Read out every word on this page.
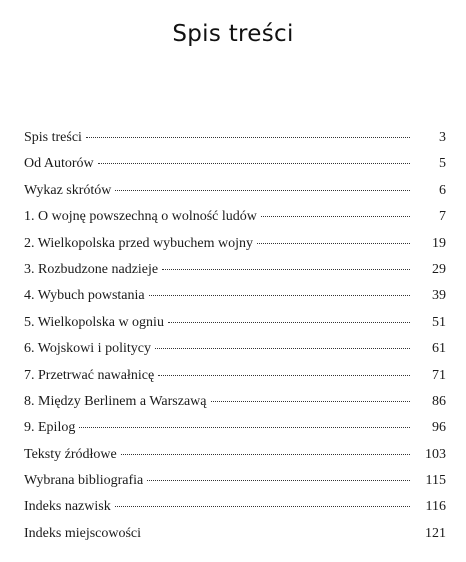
Spis treści
Spis treści	3
Od Autorów	5
Wykaz skrótów	6
1. O wojnę powszechną o wolność ludów	7
2. Wielkopolska przed wybuchem wojny	19
3. Rozbudzone nadzieje	29
4. Wybuch powstania	39
5. Wielkopolska w ogniu	51
6. Wojskowi i politycy	61
7. Przetrwać nawałnicę	71
8. Między Berlinem a Warszawą	86
9. Epilog	96
Teksty źródłowe	103
Wybrana bibliografia	115
Indeks nazwisk	116
Indeks miejscowości	121
